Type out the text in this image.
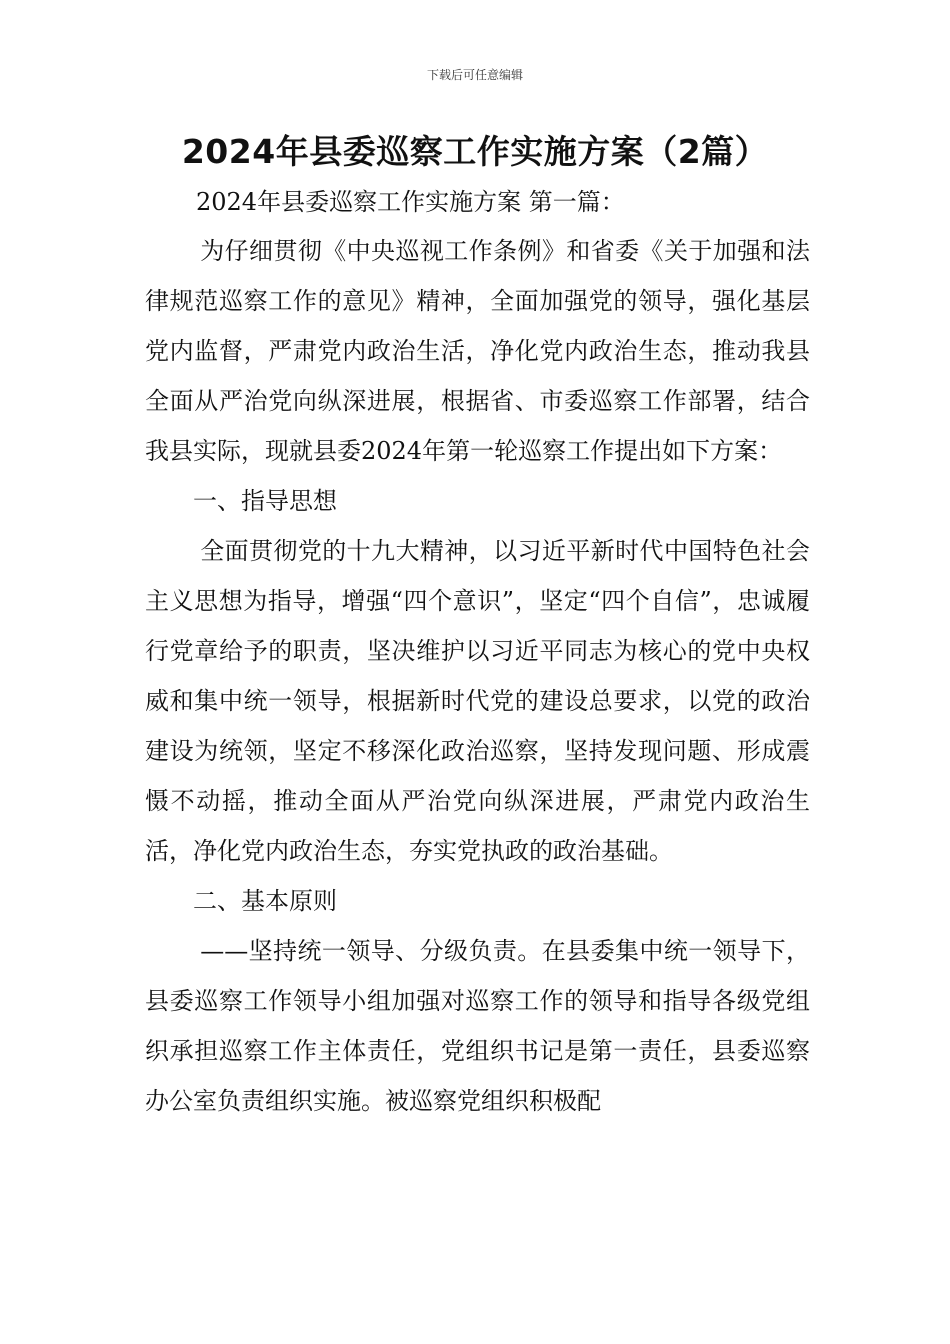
下载后可任意编辑
2024年县委巡察工作实施方案（2篇）
2024年县委巡察工作实施方案 第一篇：

为仔细贯彻《中央巡视工作条例》和省委《关于加强和法律规范巡察工作的意见》精神，全面加强党的领导，强化基层党内监督，严肃党内政治生活，净化党内政治生态，推动我县全面从严治党向纵深进展，根据省、市委巡察工作部署，结合我县实际，现就县委2024年第一轮巡察工作提出如下方案：

一、指导思想

全面贯彻党的十九大精神，以习近平新时代中国特色社会主义思想为指导，增强“四个意识”，坚定“四个自信”，忠诚履行党章给予的职责，坚决维护以习近平同志为核心的党中央权威和集中统一领导，根据新时代党的建设总要求，以党的政治建设为统领，坚定不移深化政治巡察，坚持发现问题、形成震慑不动摇，推动全面从严治党向纵深进展，严肃党内政治生活，净化党内政治生态，夯实党执政的政治基础。

二、基本原则

——坚持统一领导、分级负责。在县委集中统一领导下，县委巡察工作领导小组加强对巡察工作的领导和指导各级党组织承担巡察工作主体责任，党组织书记是第一责任，县委巡察办公室负责组织实施。被巡察党组织积极配
